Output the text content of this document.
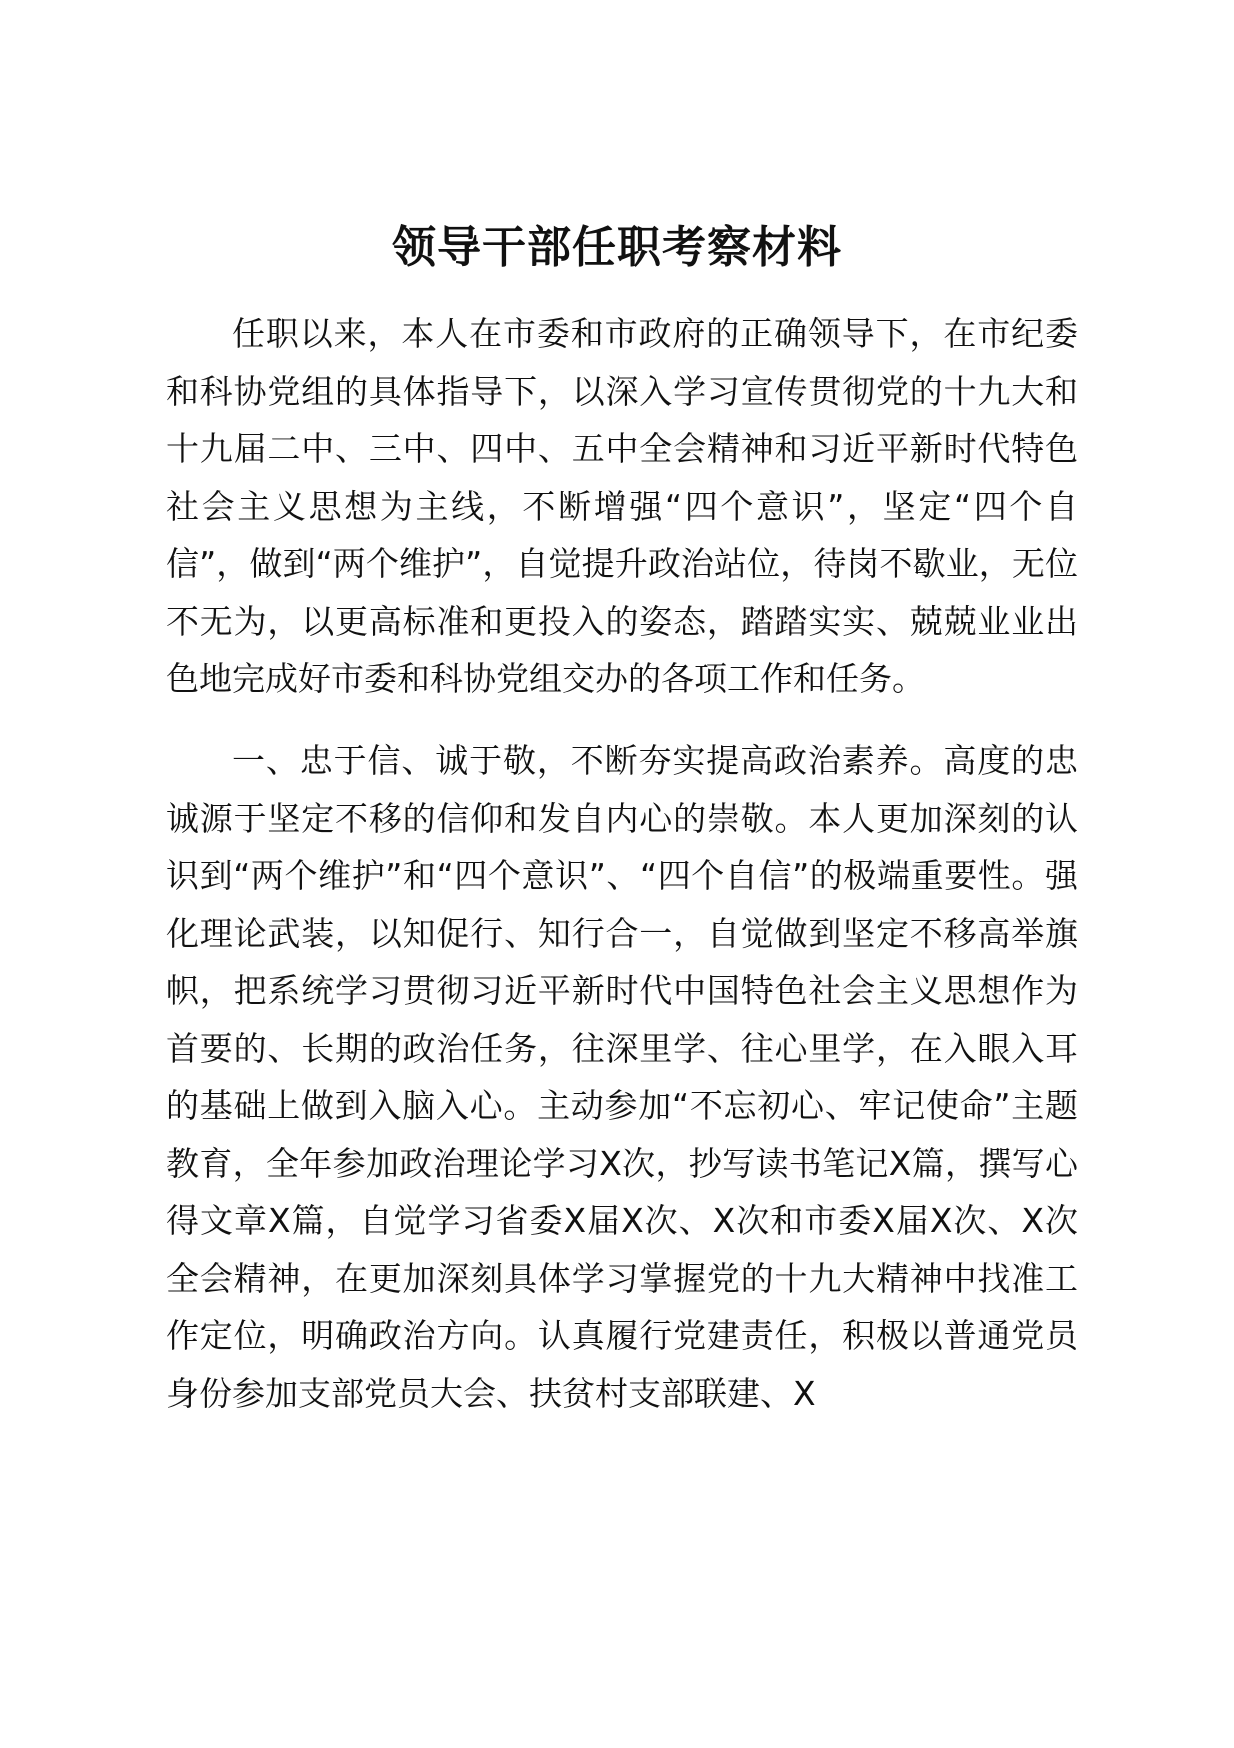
领导干部任职考察材料

任职以来，本人在市委和市政府的正确领导下，在市纪委和科协党组的具体指导下，以深入学习宣传贯彻党的十九大和十九届二中、三中、四中、五中全会精神和习近平新时代特色社会主义思想为主线，不断增强“四个意识”，坚定“四个自信”，做到“两个维护”，自觉提升政治站位，待岗不歇业，无位不无为，以更高标准和更投入的姿态，踏踏实实、兢兢业业出色地完成好市委和科协党组交办的各项工作和任务。

一、忠于信、诚于敬，不断夯实提高政治素养。高度的忠诚源于坚定不移的信仰和发自内心的崇敬。本人更加深刻的认识到“两个维护”和“四个意识”、“四个自信”的极端重要性。强化理论武装，以知促行、知行合一，自觉做到坚定不移高举旗帜，把系统学习贯彻习近平新时代中国特色社会主义思想作为首要的、长期的政治任务，往深里学、往心里学，在入眼入耳的基础上做到入脑入心。主动参加“不忘初心、牢记使命”主题教育，全年参加政治理论学习X次，抄写读书笔记X篇，撰写心得文章X篇，自觉学习省委X届X次、X次和市委X届X次、X次全会精神，在更加深刻具体学习掌握党的十九大精神中找准工作定位，明确政治方向。认真履行党建责任，积极以普通党员身份参加支部党员大会、扶贫村支部联建、X
